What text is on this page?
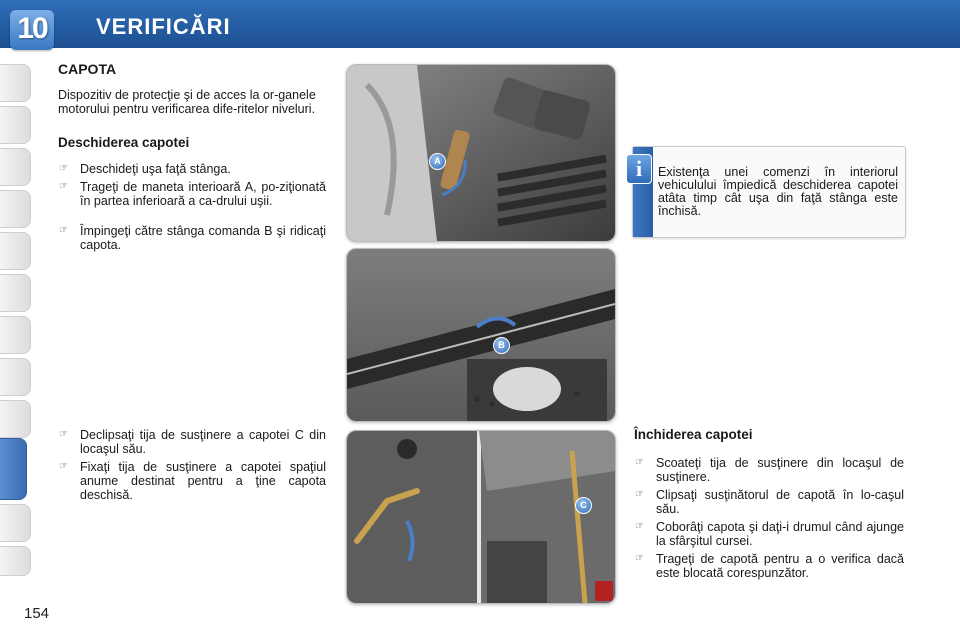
10	VERIFICĂRI
154

CAPOTA

Dispozitiv de protecţie şi de acces la or-ganele motorului pentru verificarea dife-ritelor niveluri.

Deschiderea capotei

☞ Deschideţi uşa faţă stânga.
☞ Trageţi de maneta interioară A, po-ziţionată în partea inferioară a ca-drului uşii.
☞ Împingeţi către stânga comanda B şi ridicaţi capota.
☞ Declipsaţi tija de susţinere a capotei C din locaşul său.
☞ Fixaţi tija de susţinere a capotei spaţiul anume destinat pentru a ţine capota deschisă.
A
B
C
i	Existenţa unei comenzi în interiorul vehiculului împiedică deschiderea capotei atâta timp cât uşa din faţă stânga este închisă.

Închiderea capotei

☞ Scoateţi tija de susţinere din locaşul de susţinere.
☞ Clipsaţi susţinătorul de capotă în lo-caşul său.
☞ Coborâţi capota şi daţi-i drumul când ajunge la sfârşitul cursei.
☞ Trageţi de capotă pentru a o verifica dacă este blocată corespunzător.
